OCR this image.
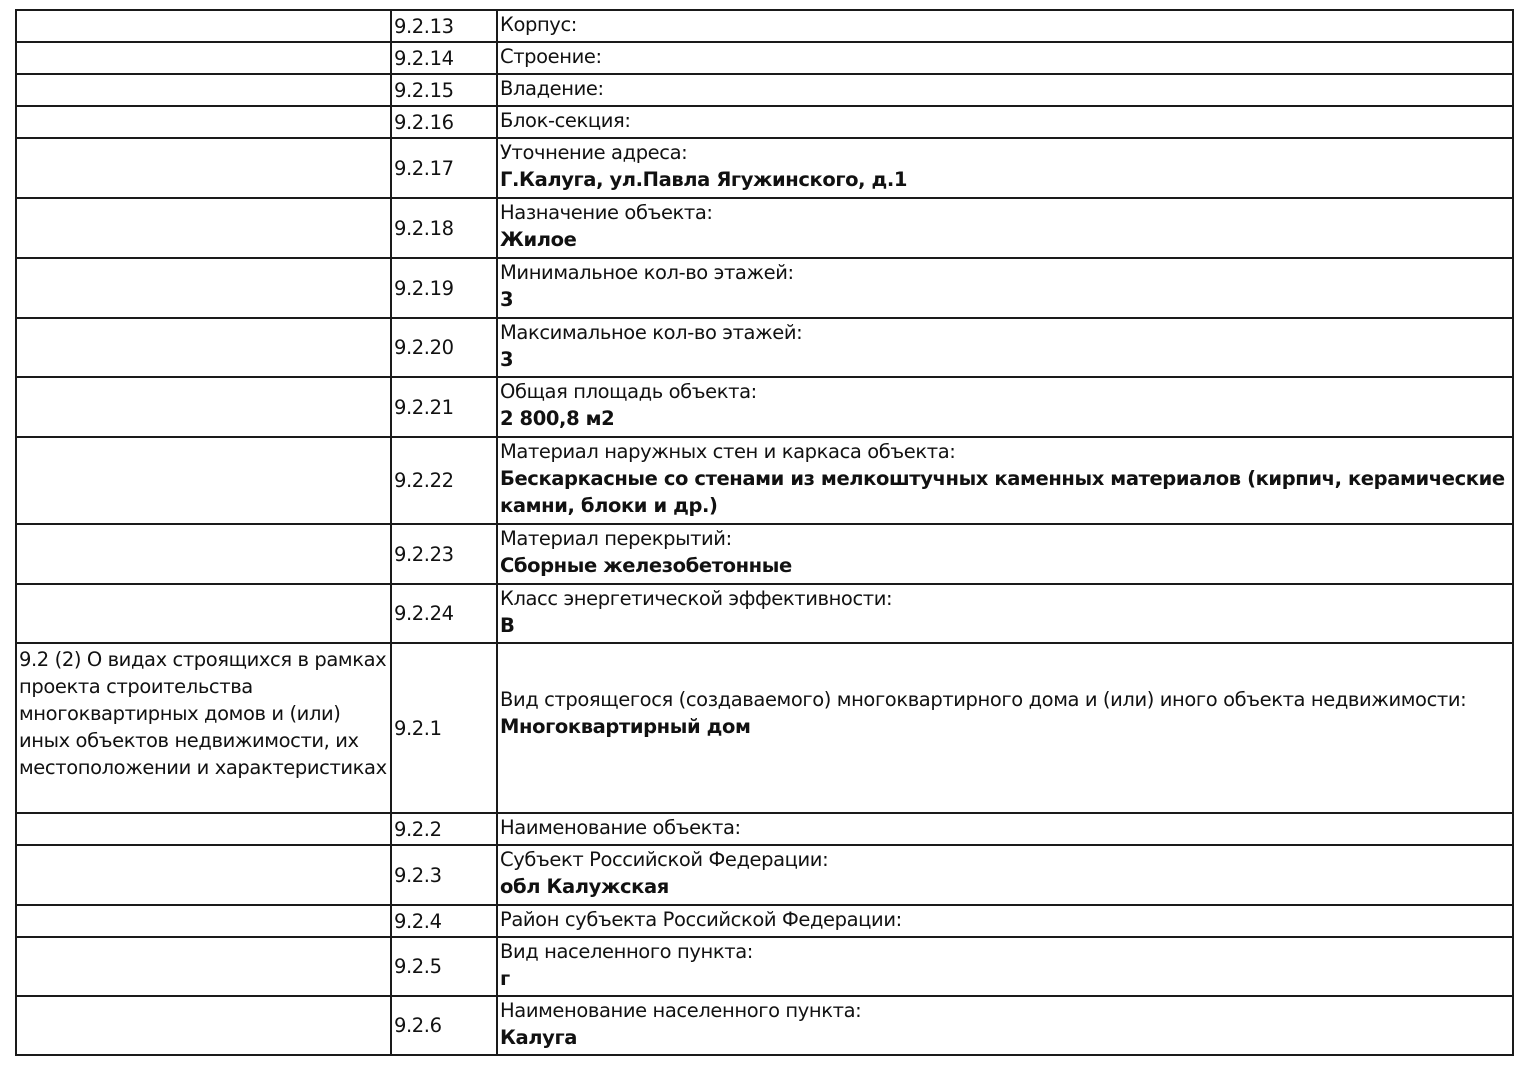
	9.2.13	Корпус:

	9.2.14	Строение:

	9.2.15	Владение:

	9.2.16	Блок-секция:

	9.2.17	Уточнение адреса:
Г.Калуга, ул.Павла Ягужинского, д.1

	9.2.18	Назначение объекта:
Жилое

	9.2.19	Минимальное кол-во этажей:
3

	9.2.20	Максимальное кол-во этажей:
3

	9.2.21	Общая площадь объекта:
2 800,8 м2

	9.2.22	Материал наружных стен и каркаса объекта:
Бескаркасные со стенами из мелкоштучных каменных материалов (кирпич, керамические камни, блоки и др.)

	9.2.23	Материал перекрытий:
Сборные железобетонные

	9.2.24	Класс энергетической эффективности:
В

9.2 (2) О видах строящихся в рамках проекта строительства многоквартирных домов и (или) иных объектов недвижимости, их местоположении и характеристиках	9.2.1	Вид строящегося (создаваемого) многоквартирного дома и (или) иного объекта недвижимости:
Многоквартирный дом

	9.2.2	Наименование объекта:

	9.2.3	Субъект Российской Федерации:
обл Калужская

	9.2.4	Район субъекта Российской Федерации:

	9.2.5	Вид населенного пункта:
г

	9.2.6	Наименование населенного пункта:
Калуга
